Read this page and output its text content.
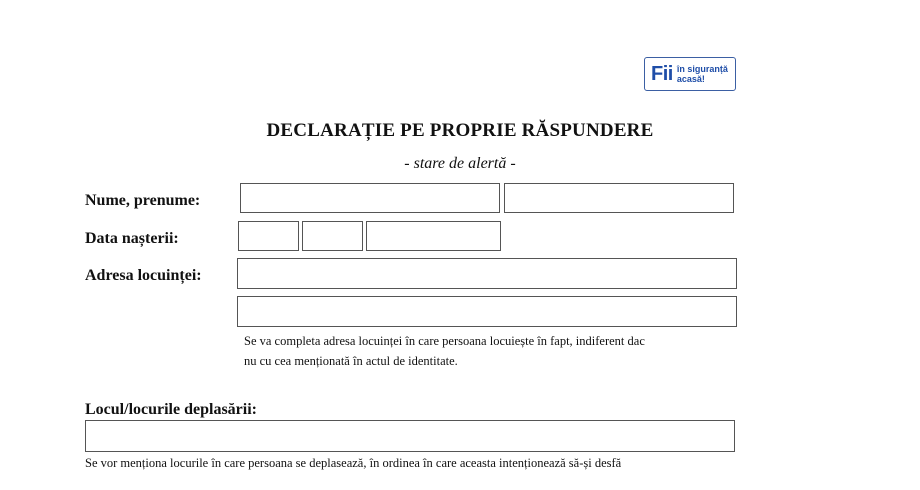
Fii în siguranță
acasă!
DECLARAȚIE PE PROPRIE RĂSPUNDERE
- stare de alertă -
Nume, prenume:
Data nașterii:
Adresa locuinței:
Se va completa adresa locuinței în care persoana locuiește în fapt, indiferent dac
nu cu cea menționată în actul de identitate.
Locul/locurile deplasării:
Se vor menționa locurile în care persoana se deplasează, în ordinea în care aceasta intenționează să-și desfă
